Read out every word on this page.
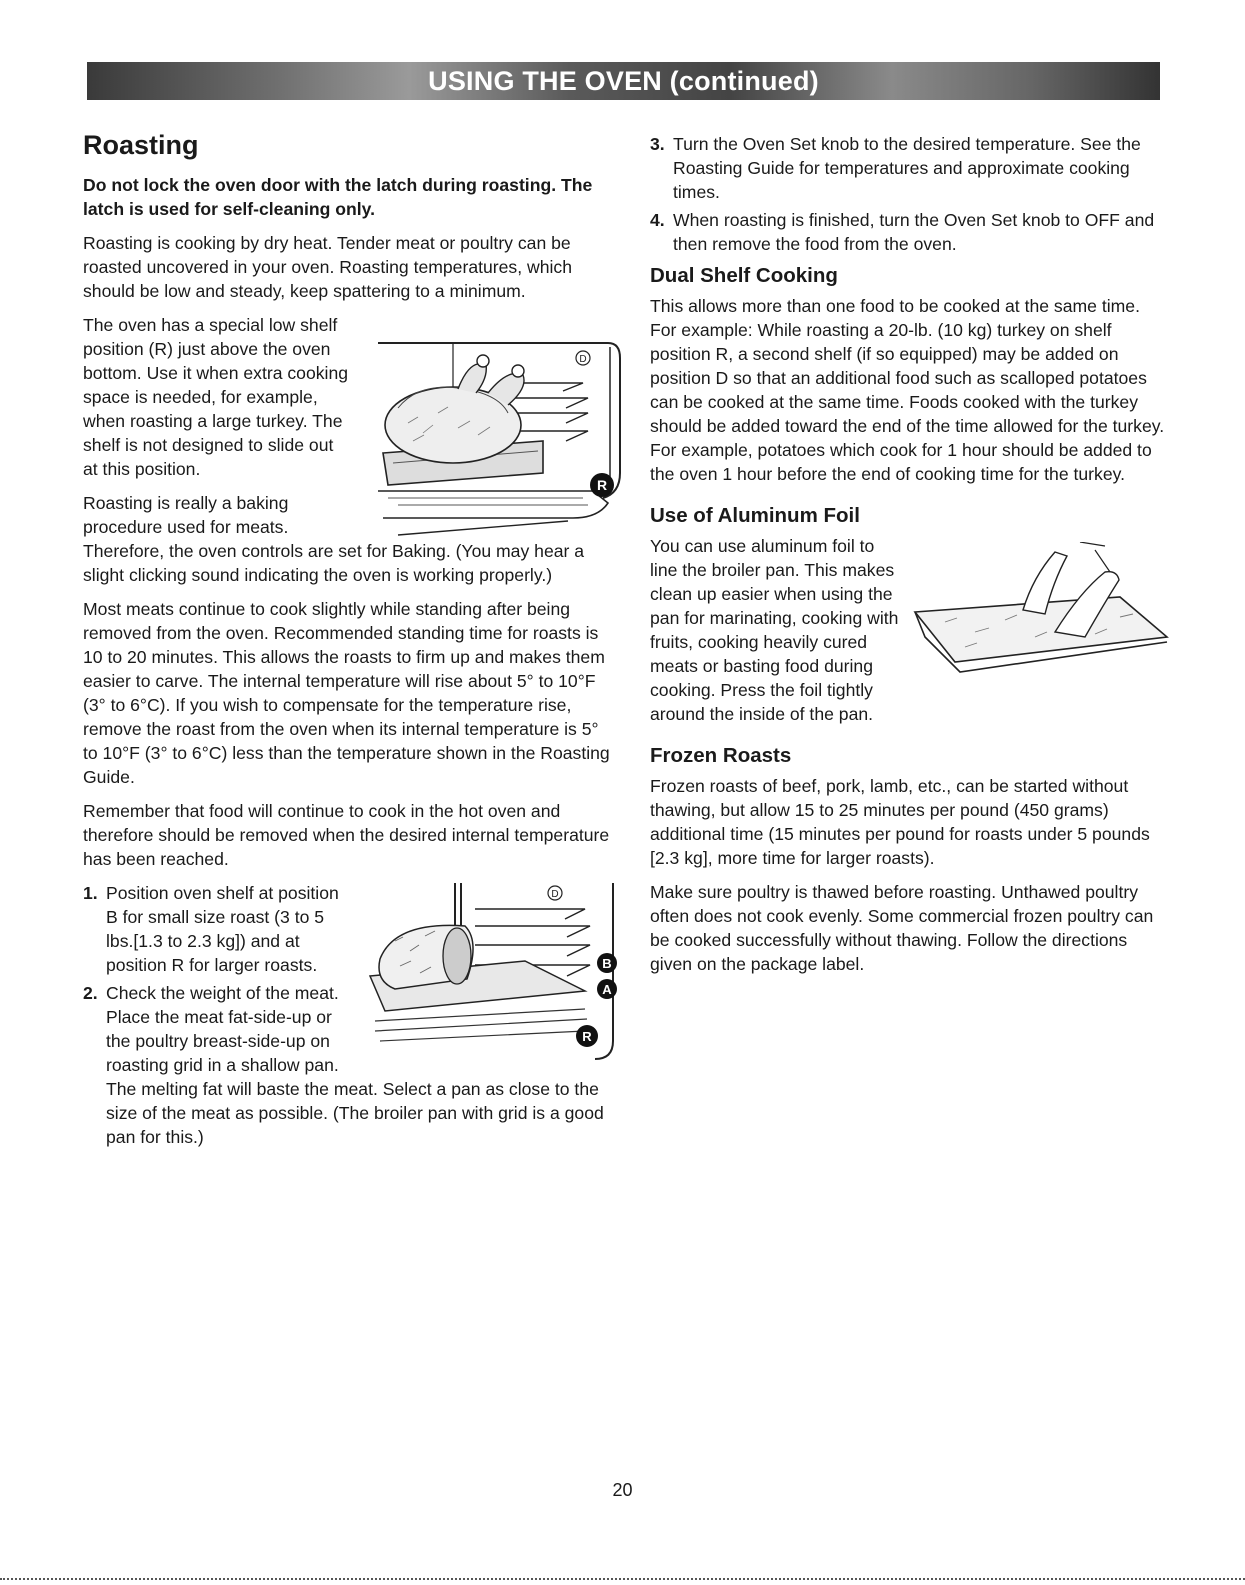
USING THE OVEN (continued)
Roasting
Do not lock the oven door with the latch during roasting. The latch is used for self-cleaning only.

Roasting is cooking by dry heat. Tender meat or poultry can be roasted uncovered in your oven. Roasting temperatures, which should be low and steady, keep spattering to a minimum.

D
R

The oven has a special low shelf position (R) just above the oven bottom. Use it when extra cooking space is needed, for example, when roasting a large turkey. The shelf is not designed to slide out at this position.

Roasting is really a baking procedure used for meats. Therefore, the oven controls are set for Baking. (You may hear a slight clicking sound indicating the oven is working properly.)

Most meats continue to cook slightly while standing after being removed from the oven. Recommended standing time for roasts is 10 to 20 minutes. This allows the roasts to firm up and makes them easier to carve. The internal temperature will rise about 5° to 10°F (3° to 6°C). If you wish to compensate for the temperature rise, remove the roast from the oven when its internal temperature is 5° to 10°F (3° to 6°C) less than the temperature shown in the Roasting Guide.

Remember that food will continue to cook in the hot oven and therefore should be removed when the desired internal temperature has been reached.

D
B
A
R
1. Position oven shelf at position B for small size roast (3 to 5 lbs.[1.3 to 2.3 kg]) and at position R for larger roasts.
2. Check the weight of the meat. Place the meat fat-side-up or the poultry breast-side-up on roasting grid in a shallow pan. The melting fat will baste the meat. Select a pan as close to the size of the meat as possible. (The broiler pan with grid is a good pan for this.)
3. Turn the Oven Set knob to the desired temperature. See the Roasting Guide for temperatures and approximate cooking times.
4. When roasting is finished, turn the Oven Set knob to OFF and then remove the food from the oven.
Dual Shelf Cooking

This allows more than one food to be cooked at the same time. For example: While roasting a 20-lb. (10 kg) turkey on shelf position R, a second shelf (if so equipped) may be added on position D so that an additional food such as scalloped potatoes can be cooked at the same time. Foods cooked with the turkey should be added toward the end of the time allowed for the turkey. For example, potatoes which cook for 1 hour should be added to the oven 1 hour before the end of cooking time for the turkey.

Use of Aluminum Foil

You can use aluminum foil to line the broiler pan. This makes clean up easier when using the pan for marinating, cooking with fruits, cooking heavily cured meats or basting food during cooking. Press the foil tightly around the inside of the pan.

Frozen Roasts

Frozen roasts of beef, pork, lamb, etc., can be started without thawing, but allow 15 to 25 minutes per pound (450 grams) additional time (15 minutes per pound for roasts under 5 pounds [2.3 kg], more time for larger roasts).

Make sure poultry is thawed before roasting. Unthawed poultry often does not cook evenly. Some commercial frozen poultry can be cooked successfully without thawing. Follow the directions given on the package label.

20
